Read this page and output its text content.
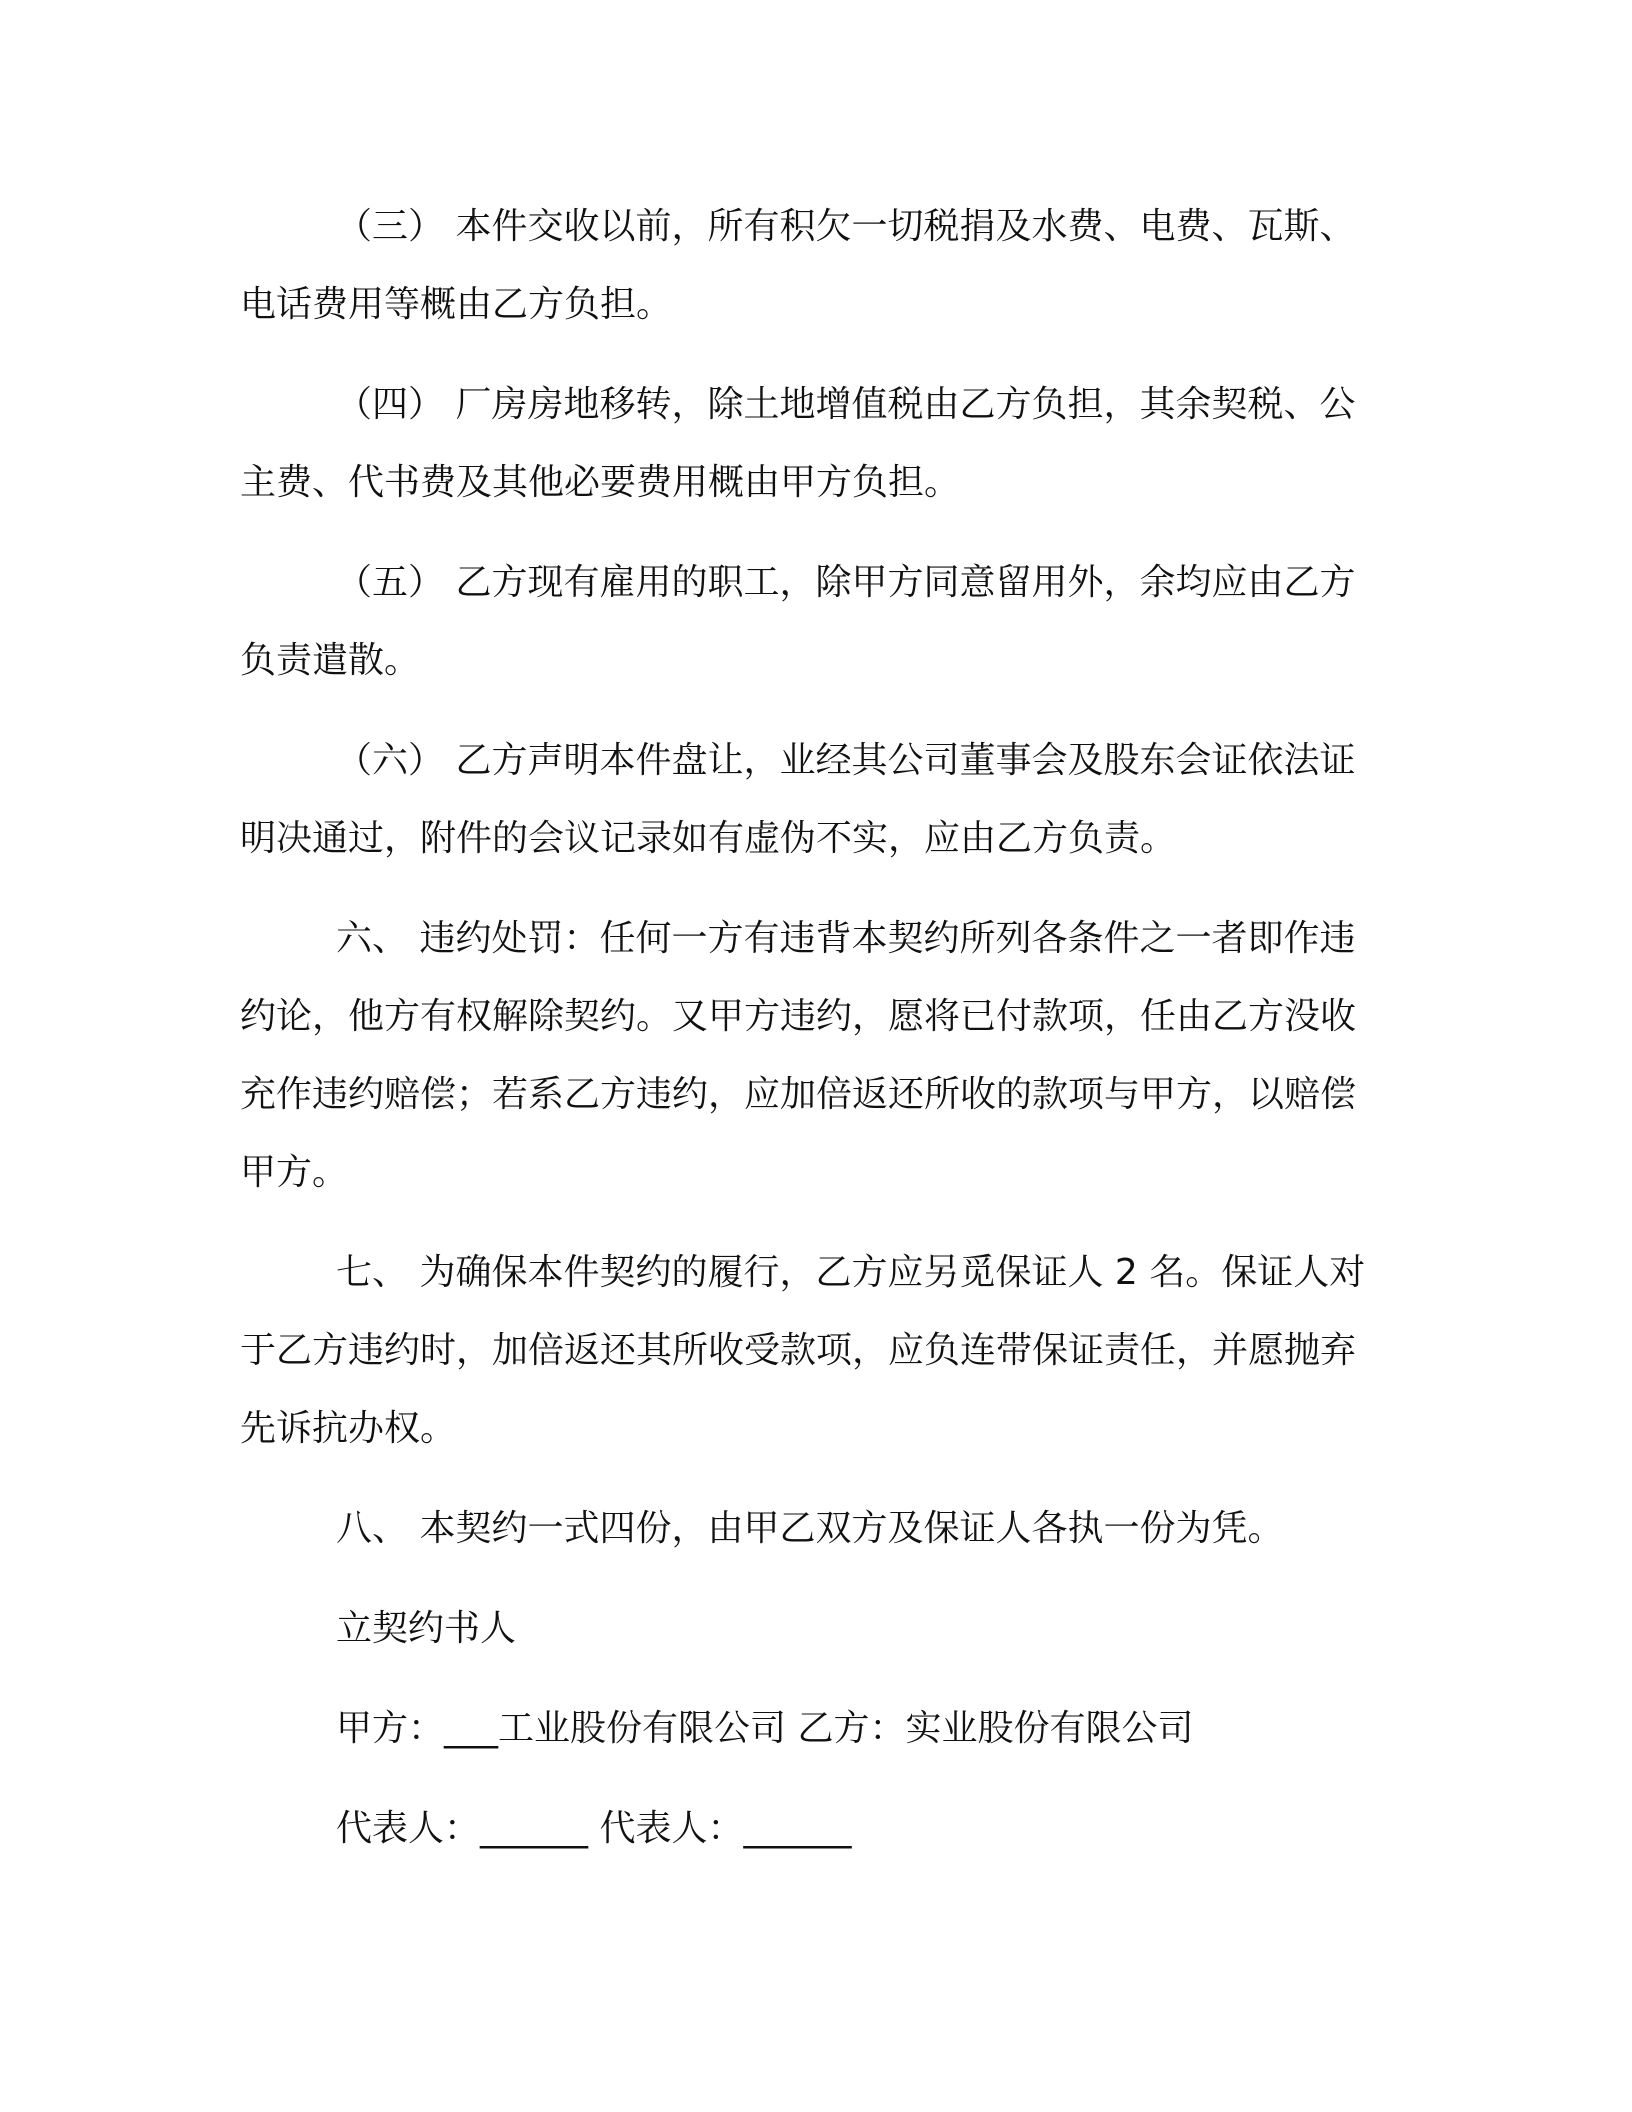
（三） 本件交收以前，所有积欠一切税捐及水费、电费、瓦斯、电话费用等概由乙方负担。

（四） 厂房房地移转，除土地增值税由乙方负担，其余契税、公主费、代书费及其他必要费用概由甲方负担。

（五） 乙方现有雇用的职工，除甲方同意留用外，余均应由乙方负责遣散。

（六） 乙方声明本件盘让，业经其公司董事会及股东会证依法证明决通过，附件的会议记录如有虚伪不实，应由乙方负责。

六、 违约处罚：任何一方有违背本契约所列各条件之一者即作违约论，他方有权解除契约。又甲方违约，愿将已付款项，任由乙方没收充作违约赔偿；若系乙方违约，应加倍返还所收的款项与甲方，以赔偿甲方。

七、 为确保本件契约的履行，乙方应另觅保证人 2 名。保证人对于乙方违约时，加倍返还其所收受款项，应负连带保证责任，并愿抛弃先诉抗办权。

八、 本契约一式四份，由甲乙双方及保证人各执一份为凭。

立契约书人

甲方：___工业股份有限公司 乙方：实业股份有限公司

代表人：______ 代表人：______
